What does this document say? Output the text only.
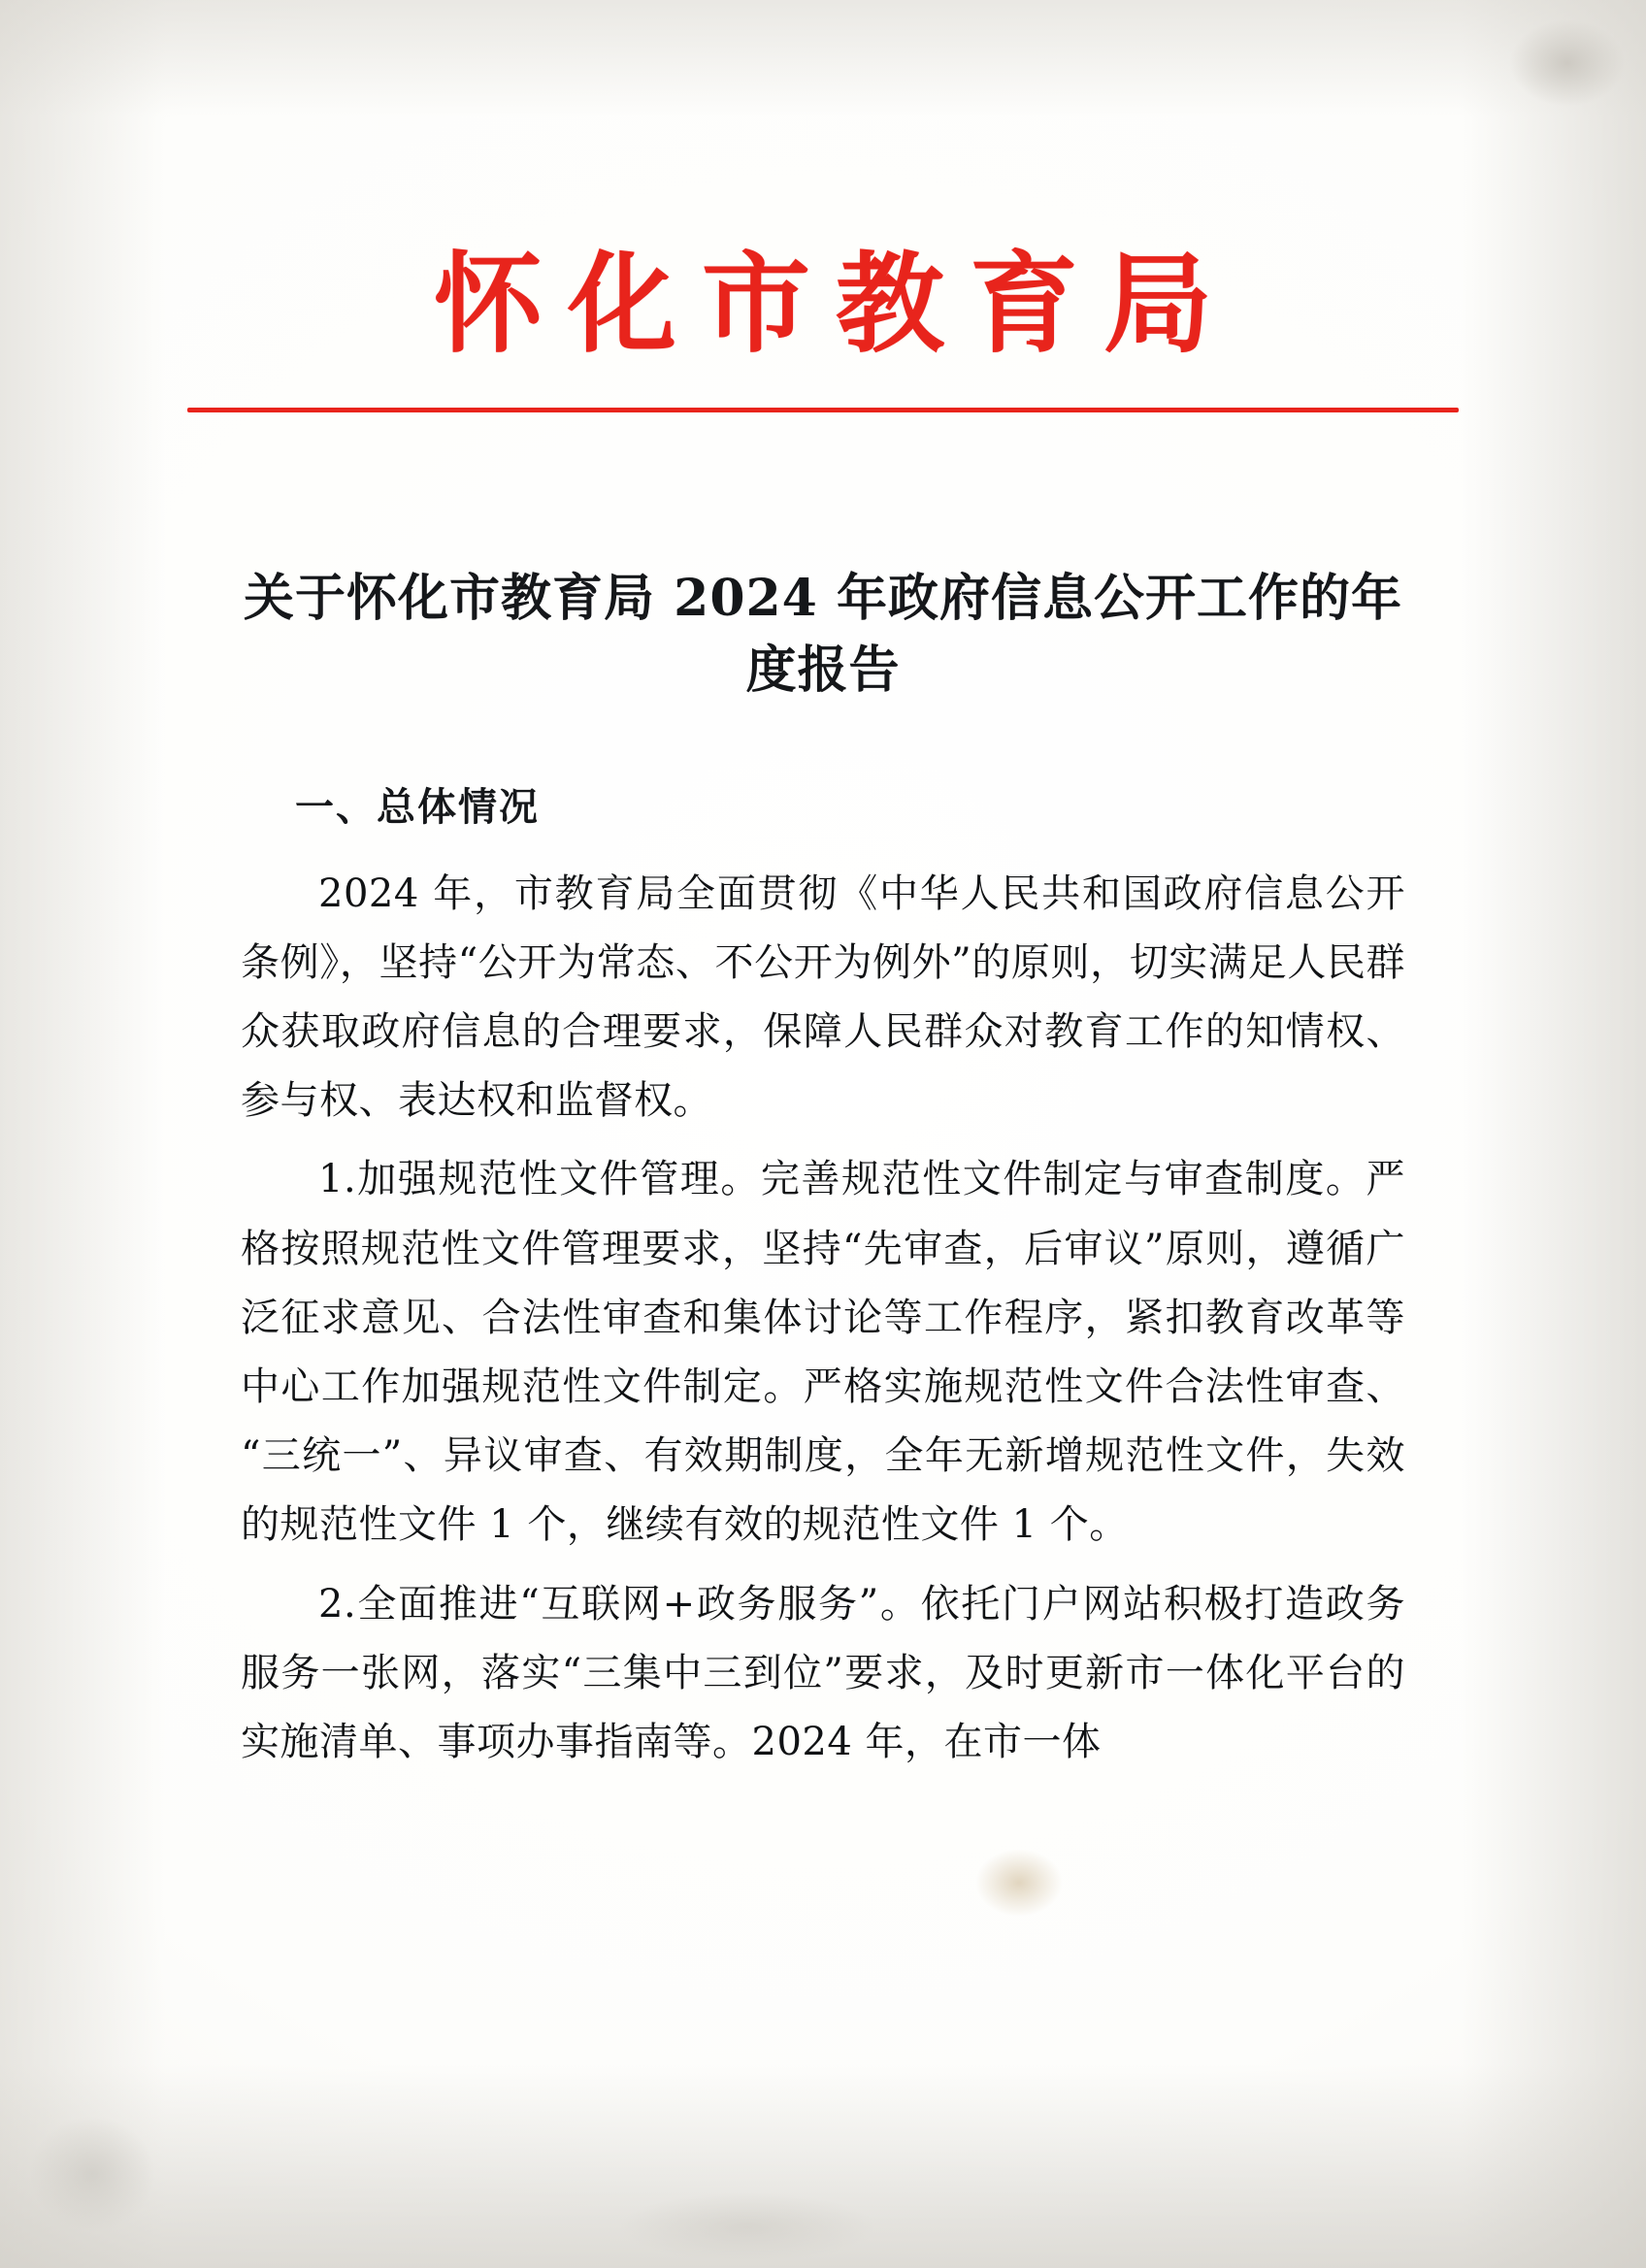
怀化市教育局
关于怀化市教育局 2024 年政府信息公开工作的年度报告
一、总体情况

2024 年，市教育局全面贯彻《中华人民共和国政府信息公开条例》，坚持“公开为常态、不公开为例外”的原则，切实满足人民群众获取政府信息的合理要求，保障人民群众对教育工作的知情权、参与权、表达权和监督权。

1.加强规范性文件管理。完善规范性文件制定与审查制度。严格按照规范性文件管理要求，坚持“先审查，后审议”原则，遵循广泛征求意见、合法性审查和集体讨论等工作程序，紧扣教育改革等中心工作加强规范性文件制定。严格实施规范性文件合法性审查、“三统一”、异议审查、有效期制度，全年无新增规范性文件，失效的规范性文件 1 个，继续有效的规范性文件 1 个。

2.全面推进“互联网+政务服务”。依托门户网站积极打造政务服务一张网，落实“三集中三到位”要求，及时更新市一体化平台的实施清单、事项办事指南等。2024 年，在市一体
